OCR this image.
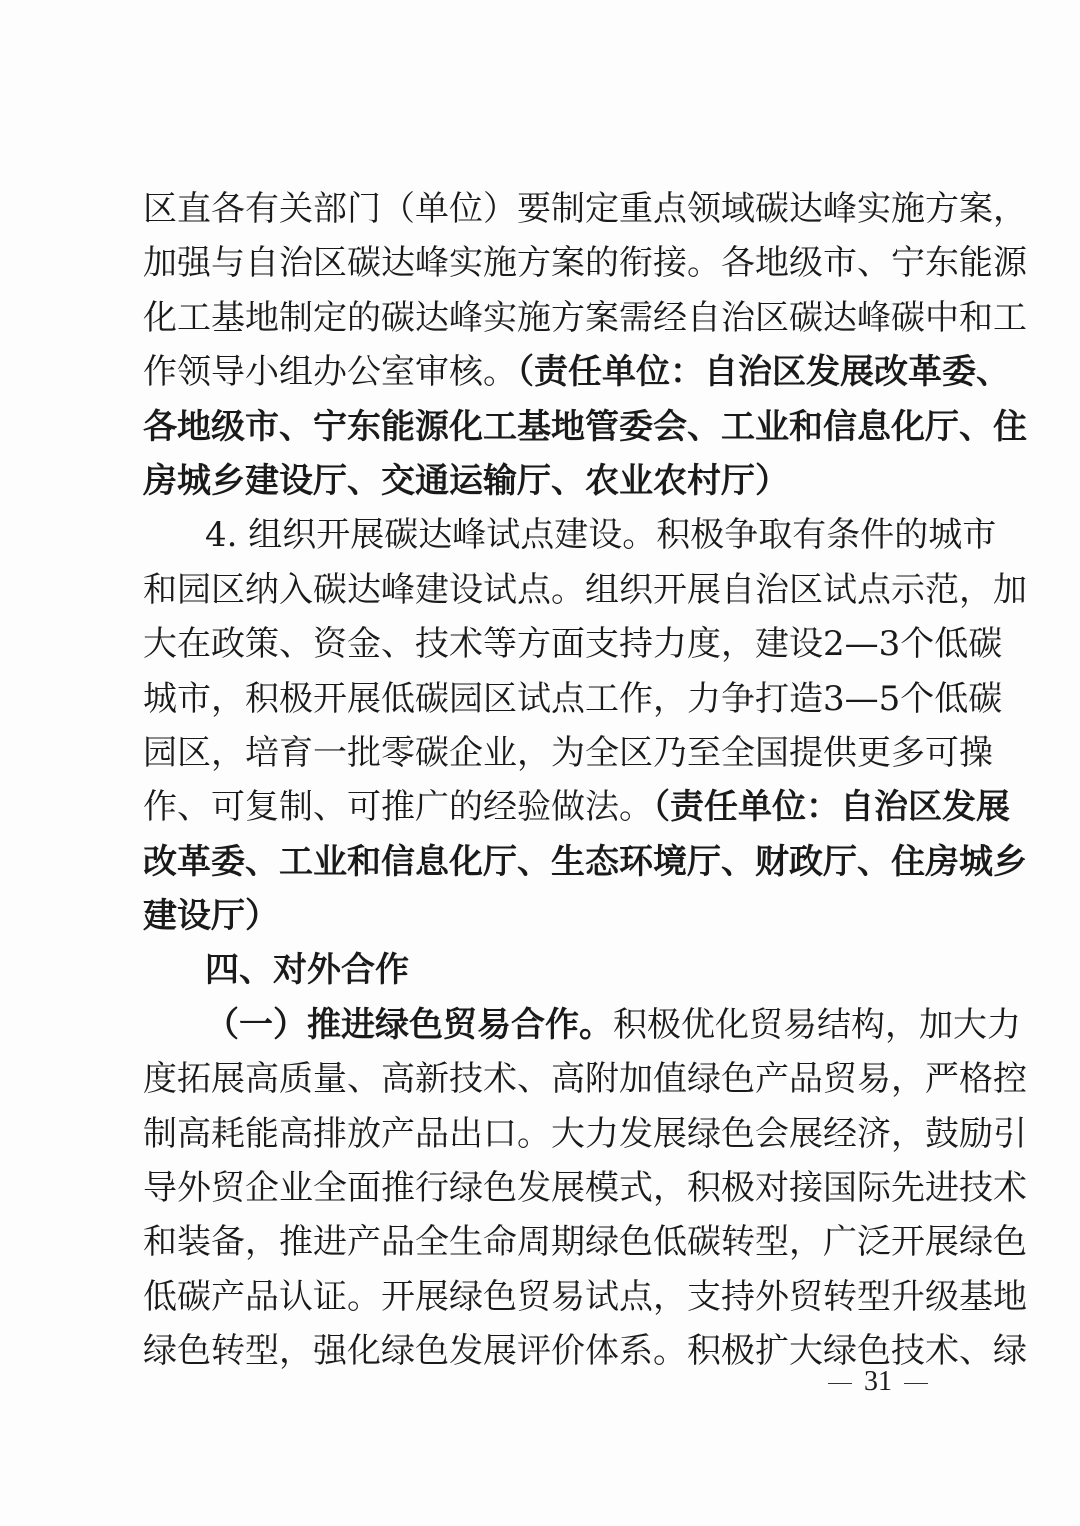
区直各有关部门（单位）要制定重点领域碳达峰实施方案，
加强与自治区碳达峰实施方案的衔接。各地级市、宁东能源
化工基地制定的碳达峰实施方案需经自治区碳达峰碳中和工
作领导小组办公室审核。（责任单位：自治区发展改革委、
各地级市、宁东能源化工基地管委会、工业和信息化厅、住
房城乡建设厅、交通运输厅、农业农村厅）
4. 组织开展碳达峰试点建设。积极争取有条件的城市
和园区纳入碳达峰建设试点。组织开展自治区试点示范，加
大在政策、资金、技术等方面支持力度，建设2—3个低碳
城市，积极开展低碳园区试点工作，力争打造3—5个低碳
园区，培育一批零碳企业，为全区乃至全国提供更多可操
作、可复制、可推广的经验做法。（责任单位：自治区发展
改革委、工业和信息化厅、生态环境厅、财政厅、住房城乡
建设厅）
四、对外合作
（一）推进绿色贸易合作。积极优化贸易结构，加大力
度拓展高质量、高新技术、高附加值绿色产品贸易，严格控
制高耗能高排放产品出口。大力发展绿色会展经济，鼓励引
导外贸企业全面推行绿色发展模式，积极对接国际先进技术
和装备，推进产品全生命周期绿色低碳转型，广泛开展绿色
低碳产品认证。开展绿色贸易试点，支持外贸转型升级基地
绿色转型，强化绿色发展评价体系。积极扩大绿色技术、绿
31
